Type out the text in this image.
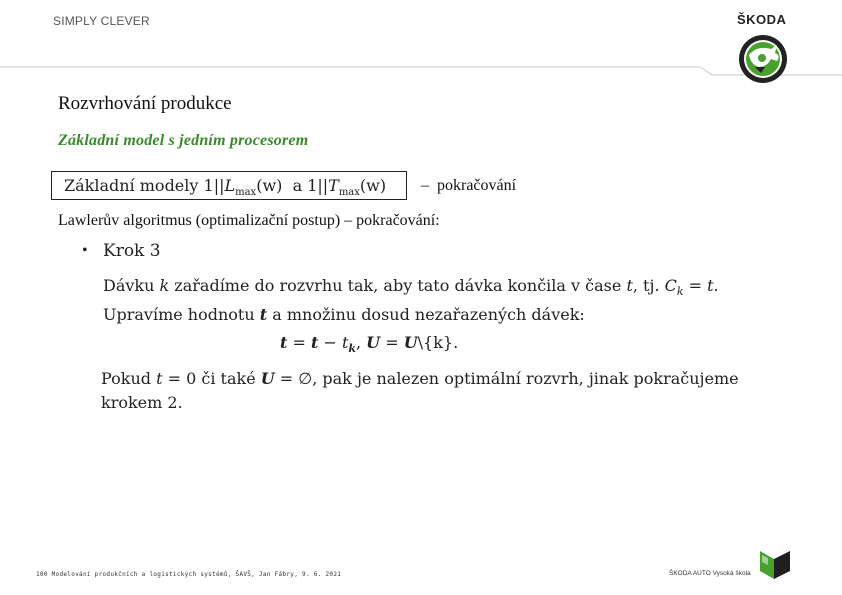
SIMPLY CLEVER	ŠKODA
Rozvrhování produkce
Základní model s jedním procesorem
Základní modely $1||L_{max}(w)$  a $1||T_{max}(w)$	–  pokračování
Lawlerův algoritmus (optimalizační postup) – pokračování:
• Krok 3
Dávku k zařadíme do rozvrhu tak, aby tato dávka končila v čase t, tj. $C_k = t$.
Upravíme hodnotu t a množinu dosud nezařazených dávek:
$t = t - t_k$, U = U\{k}.
Pokud t = 0 či také U = ∅, pak je nalezen optimální rozvrh, jinak pokračujeme krokem 2.
100 Modelování produkčních a logistických systémů, ŠAVŠ, Jan Fábry, 9. 6. 2021	ŠKODA AUTO Vysoká škola
